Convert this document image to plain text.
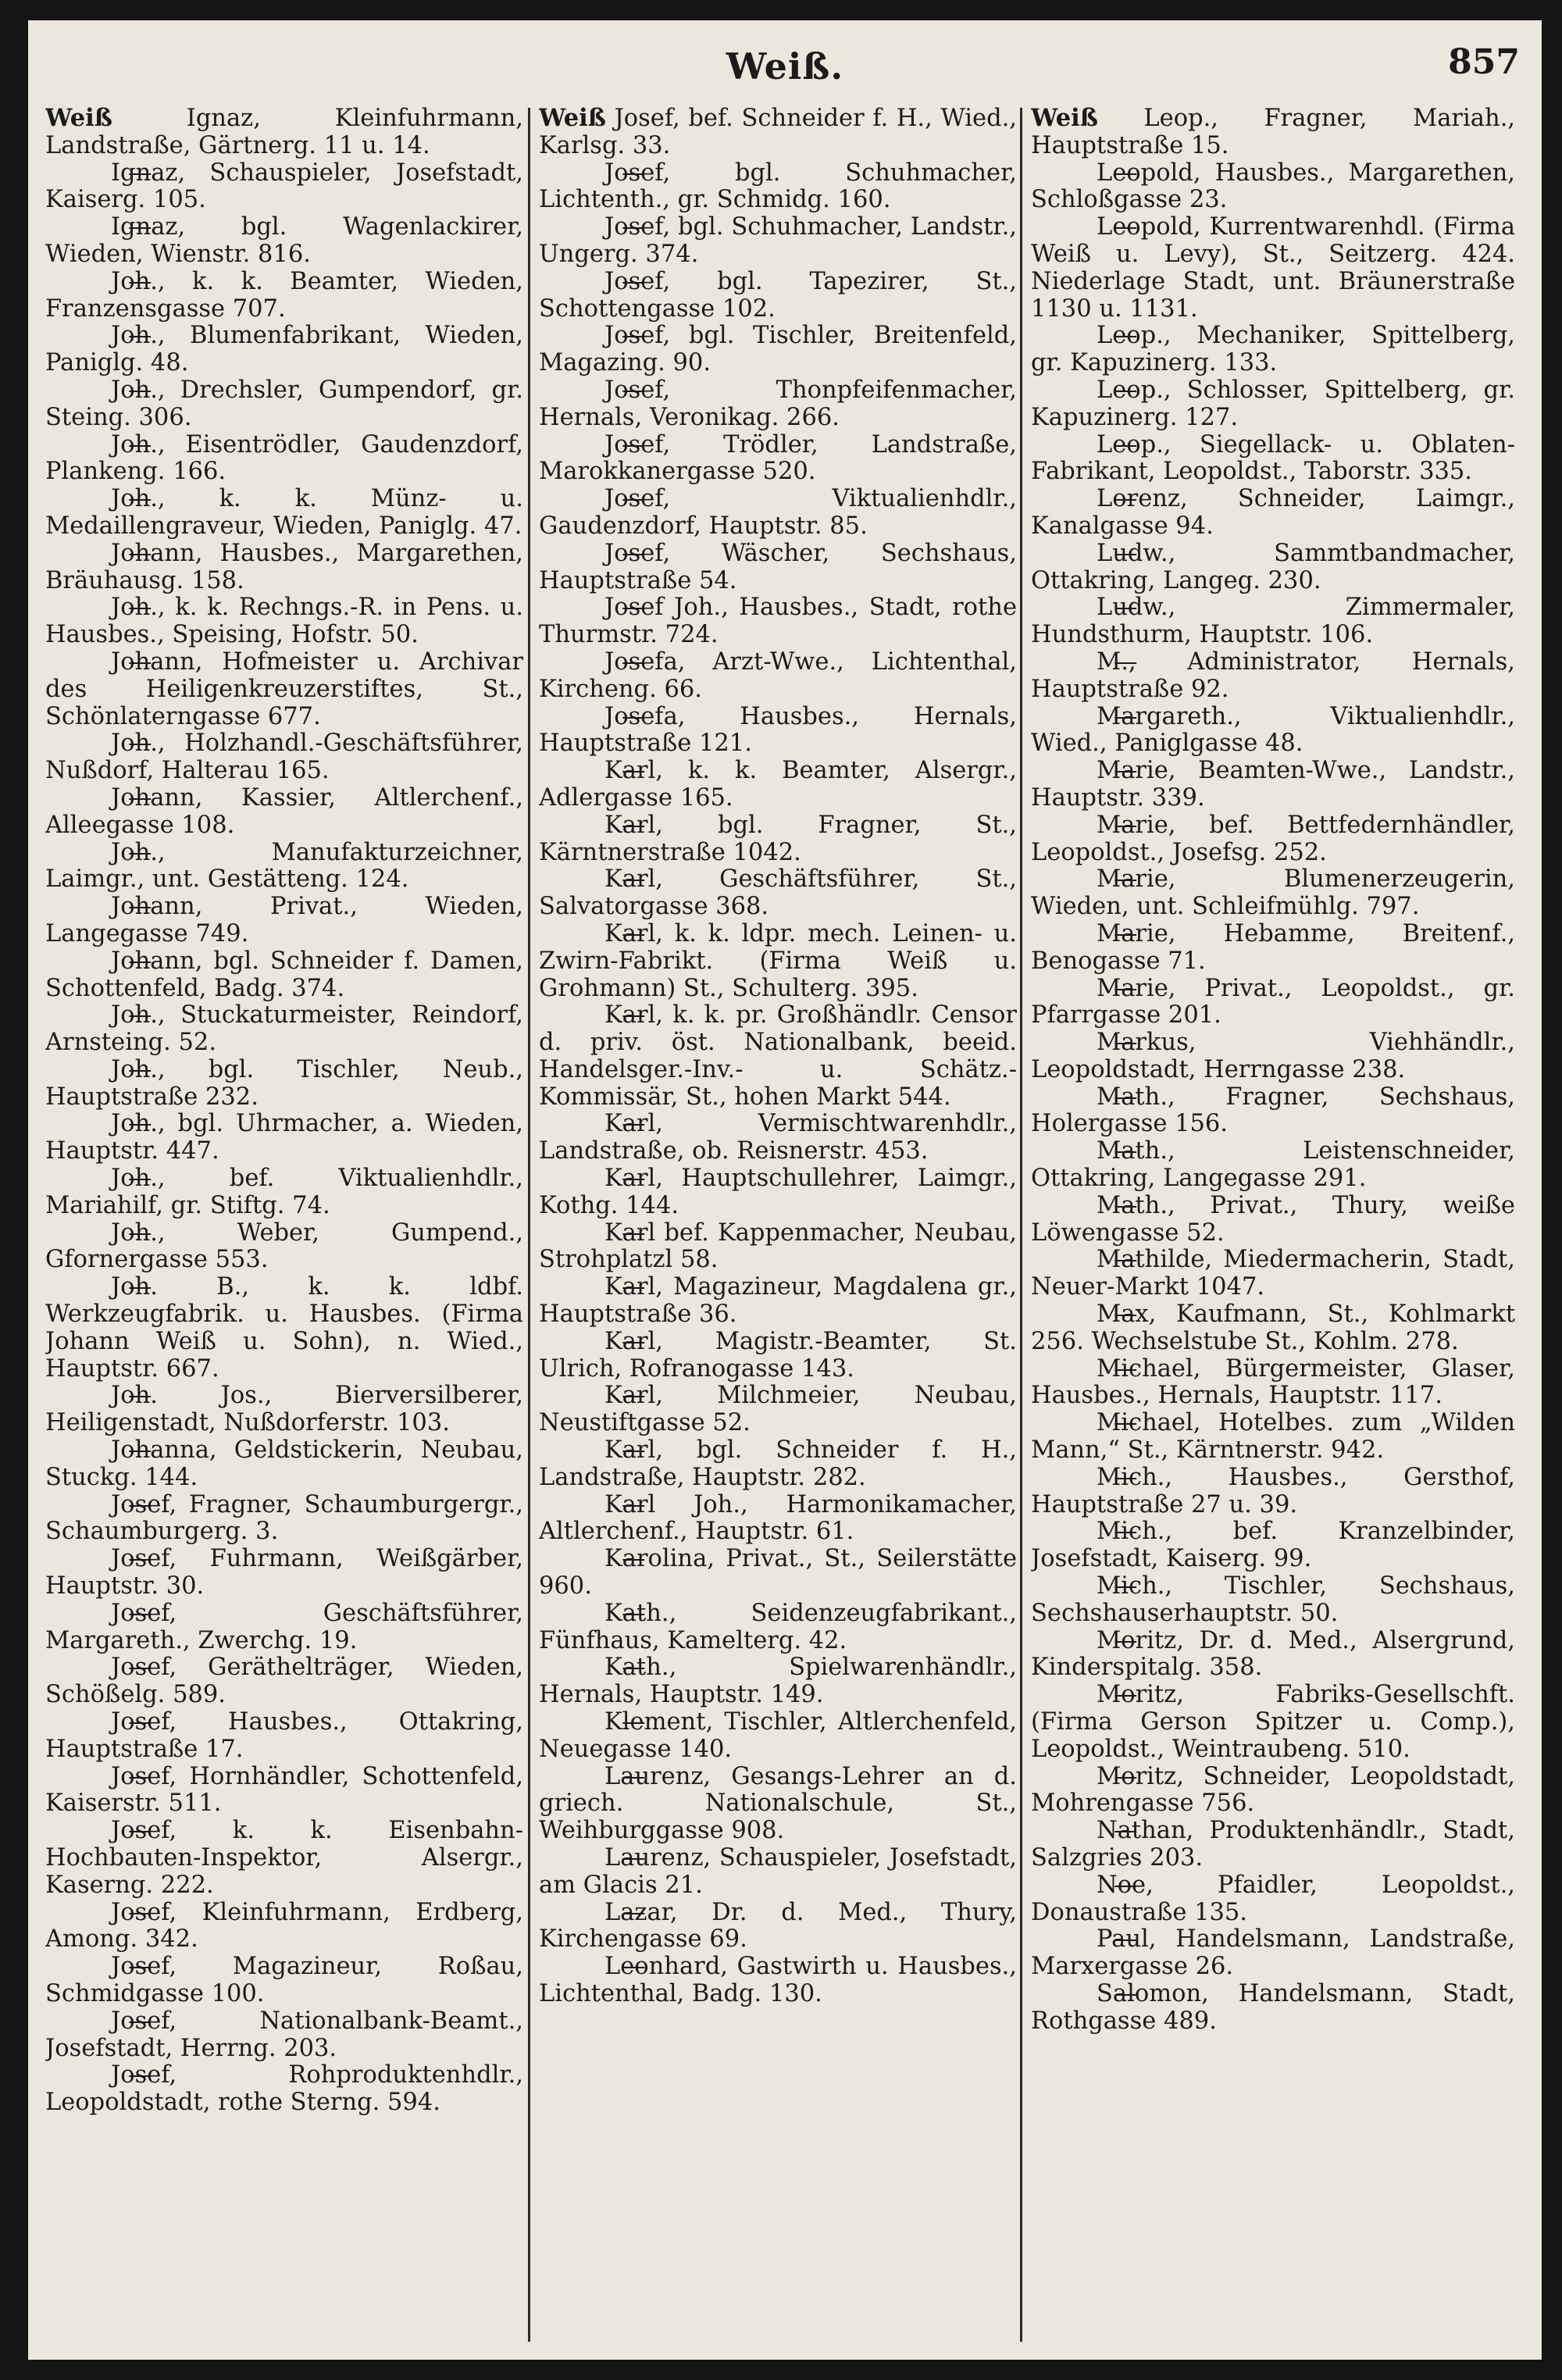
Weiß.	857

Weiß	Ignaz, Kleinfuhrmann, Landstraße, Gärtnerg. 11 u. 14.

Ignaz, Schauspieler, Josefstadt, Kaiserg. 105.

Ignaz, bgl. Wagenlackirer, Wieden, Wienstr. 816.

Joh., k. k. Beamter, Wieden, Franzensgasse 707.

Joh., Blumenfabrikant, Wieden, Paniglg. 48.

Joh., Drechsler, Gumpendorf, gr. Steing. 306.

Joh., Eisentrödler, Gaudenzdorf, Plankeng. 166.

Joh., k. k. Münz- u. Medaillengraveur, Wieden, Paniglg. 47.

Johann, Hausbes., Margarethen, Bräuhausg. 158.

Joh., k. k. Rechngs.-R. in Pens. u. Hausbes., Speising, Hofstr. 50.

Johann, Hofmeister u. Archivar des Heiligenkreuzerstiftes, St., Schönlaterngasse 677.

Joh., Holzhandl.-Geschäftsführer, Nußdorf, Halterau 165.

Johann, Kassier, Altlerchenf., Alleegasse 108.

Joh., Manufakturzeichner, Laimgr., unt. Gestätteng. 124.

Johann, Privat., Wieden, Langegasse 749.

Johann, bgl. Schneider f. Damen, Schottenfeld, Badg. 374.

Joh., Stuckaturmeister, Reindorf, Arnsteing. 52.

Joh., bgl. Tischler, Neub., Hauptstraße 232.

Joh., bgl. Uhrmacher, a. Wieden, Hauptstr. 447.

Joh., bef. Viktualienhdlr., Mariahilf, gr. Stiftg. 74.

Joh., Weber, Gumpend., Gfornergasse 553.

Joh. B., k. k. ldbf. Werkzeugfabrik. u. Hausbes. (Firma Johann Weiß u. Sohn), n. Wied., Hauptstr. 667.

Joh. Jos., Bierversilberer, Heiligenstadt, Nußdorferstr. 103.

Johanna, Geldstickerin, Neubau, Stuckg. 144.

Josef, Fragner, Schaumburgergr., Schaumburgerg. 3.

Josef, Fuhrmann, Weißgärber, Hauptstr. 30.

Josef, Geschäftsführer, Margareth., Zwerchg. 19.

Josef, Geräthelträger, Wieden, Schößelg. 589.

Josef, Hausbes., Ottakring, Hauptstraße 17.

Josef, Hornhändler, Schottenfeld, Kaiserstr. 511.

Josef, k. k. Eisenbahn-Hochbauten-Inspektor, Alsergr., Kaserng. 222.

Josef, Kleinfuhrmann, Erdberg, Among. 342.

Josef, Magazineur, Roßau, Schmidgasse 100.

Josef, Nationalbank-Beamt., Josefstadt, Herrng. 203.

Josef, Rohproduktenhdlr., Leopoldstadt, rothe Sterng. 594.

Weiß Josef, bef. Schneider f. H., Wied., Karlsg. 33.

Josef, bgl. Schuhmacher, Lichtenth., gr. Schmidg. 160.

Josef, bgl. Schuhmacher, Landstr., Ungerg. 374.

Josef, bgl. Tapezirer, St., Schottengasse 102.

Josef, bgl. Tischler, Breitenfeld, Magazing. 90.

Josef, Thonpfeifenmacher, Hernals, Veronikag. 266.

Josef, Trödler, Landstraße, Marokkanergasse 520.

Josef, Viktualienhdlr., Gaudenzdorf, Hauptstr. 85.

Josef, Wäscher, Sechshaus, Hauptstraße 54.

Josef Joh., Hausbes., Stadt, rothe Thurmstr. 724.

Josefa, Arzt-Wwe., Lichtenthal, Kircheng. 66.

Josefa, Hausbes., Hernals, Hauptstraße 121.

Karl, k. k. Beamter, Alsergr., Adlergasse 165.

Karl, bgl. Fragner, St., Kärntnerstraße 1042.

Karl, Geschäftsführer, St., Salvatorgasse 368.

Karl, k. k. ldpr. mech. Leinen- u. Zwirn-Fabrikt. (Firma Weiß u. Grohmann) St., Schulterg. 395.

Karl, k. k. pr. Großhändlr. Censor d. priv. öst. Nationalbank, beeid. Handelsger.-Inv.- u. Schätz.-Kommissär, St., hohen Markt 544.

Karl, Vermischtwarenhdlr., Landstraße, ob. Reisnerstr. 453.

Karl, Hauptschullehrer, Laimgr., Kothg. 144.

Karl bef. Kappenmacher, Neubau, Strohplatzl 58.

Karl, Magazineur, Magdalena gr., Hauptstraße 36.

Karl, Magistr.-Beamter, St. Ulrich, Rofranogasse 143.

Karl, Milchmeier, Neubau, Neustiftgasse 52.

Karl, bgl. Schneider f. H., Landstraße, Hauptstr. 282.

Karl Joh., Harmonikamacher, Altlerchenf., Hauptstr. 61.

Karolina, Privat., St., Seilerstätte 960.

Kath., Seidenzeugfabrikant., Fünfhaus, Kamelterg. 42.

Kath., Spielwarenhändlr., Hernals, Hauptstr. 149.

Klement, Tischler, Altlerchenfeld, Neuegasse 140.

Laurenz, Gesangs-Lehrer an d. griech. Nationalschule, St., Weihburggasse 908.

Laurenz, Schauspieler, Josefstadt, am Glacis 21.

Lazar, Dr. d. Med., Thury, Kirchengasse 69.

Leonhard, Gastwirth u. Hausbes., Lichtenthal, Badg. 130.

Weiß Leop., Fragner, Mariah., Hauptstraße 15.

Leopold, Hausbes., Margarethen, Schloßgasse 23.

Leopold, Kurrentwarenhdl. (Firma Weiß u. Levy), St., Seitzerg. 424. Niederlage Stadt, unt. Bräunerstraße 1130 u. 1131.

Leop., Mechaniker, Spittelberg, gr. Kapuzinerg. 133.

Leop., Schlosser, Spittelberg, gr. Kapuzinerg. 127.

Leop., Siegellack- u. Oblaten-Fabrikant, Leopoldst., Taborstr. 335.

Lorenz, Schneider, Laimgr., Kanalgasse 94.

Ludw., Sammtbandmacher, Ottakring, Langeg. 230.

Ludw., Zimmermaler, Hundsthurm, Hauptstr. 106.

M., Administrator, Hernals, Hauptstraße 92.

Margareth., Viktualienhdlr., Wied., Paniglgasse 48.

Marie, Beamten-Wwe., Landstr., Hauptstr. 339.

Marie, bef. Bettfedernhändler, Leopoldst., Josefsg. 252.

Marie, Blumenerzeugerin, Wieden, unt. Schleifmühlg. 797.

Marie, Hebamme, Breitenf., Benogasse 71.

Marie, Privat., Leopoldst., gr. Pfarrgasse 201.

Markus, Viehhändlr., Leopoldstadt, Herrngasse 238.

Math., Fragner, Sechshaus, Holergasse 156.

Math., Leistenschneider, Ottakring, Langegasse 291.

Math., Privat., Thury, weiße Löwengasse 52.

Mathilde, Miedermacherin, Stadt, Neuer-Markt 1047.

Max, Kaufmann, St., Kohlmarkt 256. Wechselstube St., Kohlm. 278.

Michael, Bürgermeister, Glaser, Hausbes., Hernals, Hauptstr. 117.

Michael, Hotelbes. zum „Wilden Mann,“ St., Kärntnerstr. 942.

Mich., Hausbes., Gersthof, Hauptstraße 27 u. 39.

Mich., bef. Kranzelbinder, Josefstadt, Kaiserg. 99.

Mich., Tischler, Sechshaus, Sechshauserhauptstr. 50.

Moritz, Dr. d. Med., Alsergrund, Kinderspitalg. 358.

Moritz, Fabriks-Gesellschft. (Firma Gerson Spitzer u. Comp.), Leopoldst., Weintraubeng. 510.

Moritz, Schneider, Leopoldstadt, Mohrengasse 756.

Nathan, Produktenhändlr., Stadt, Salzgries 203.

Noe, Pfaidler, Leopoldst., Donaustraße 135.

Paul, Handelsmann, Landstraße, Marxergasse 26.

Salomon, Handelsmann, Stadt, Rothgasse 489.
